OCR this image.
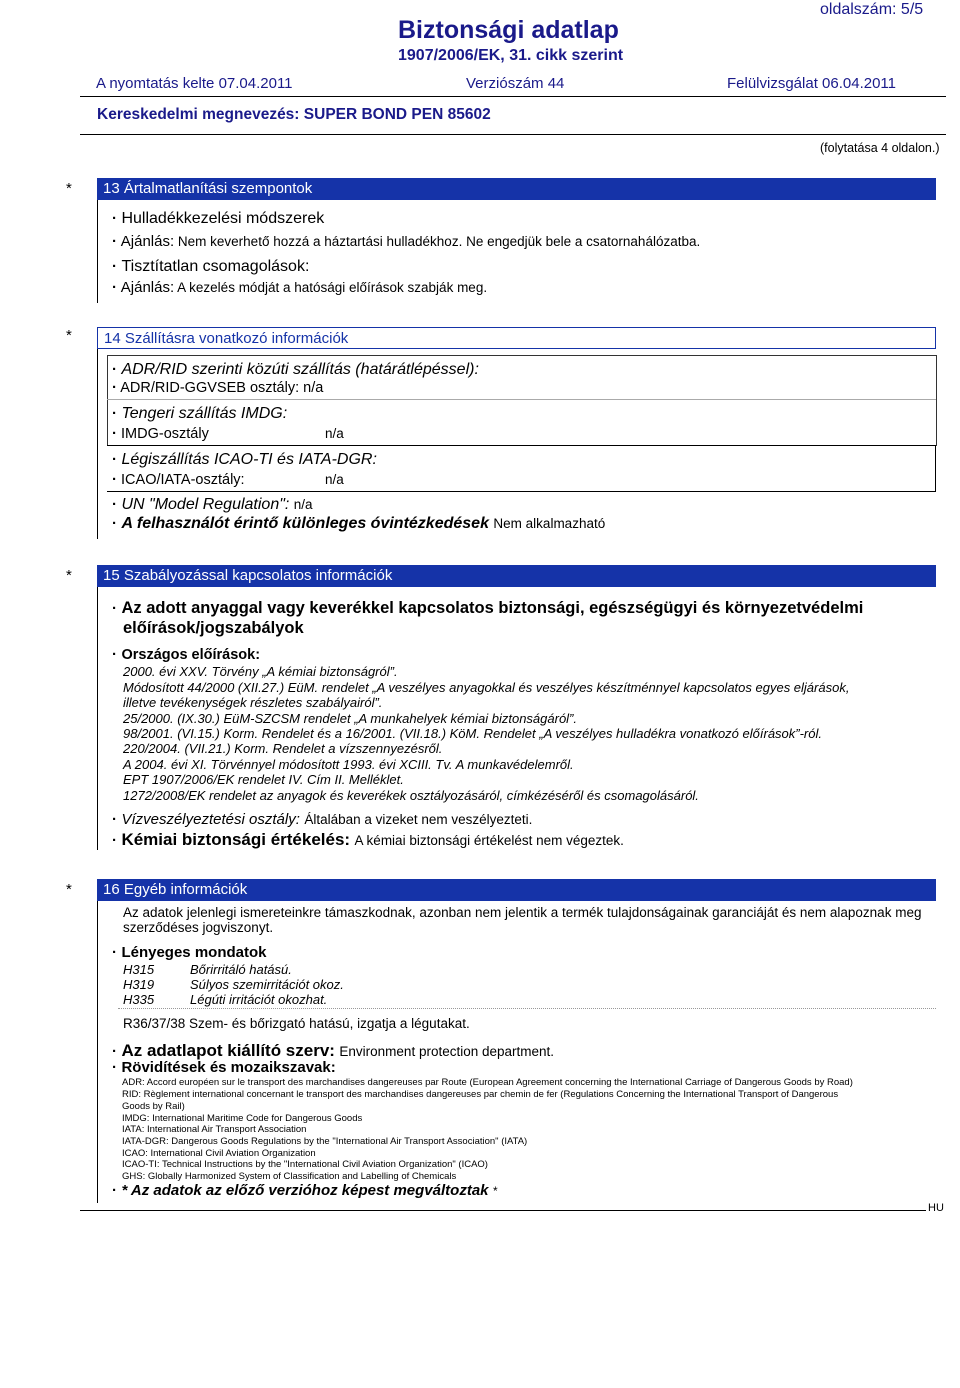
Biztonsági adatlap
1907/2006/EK, 31. cikk szerint
oldalszám: 5/5
A nyomtatás kelte 07.04.2011	Verziószám 44	Felülvizsgálat 06.04.2011
Kereskedelmi megnevezés: SUPER BOND PEN 85602
(folytatása 4 oldalon.)
*	13 Ártalmatlanítási szempontok
· Hulladékkezelési módszerek
· Ajánlás: Nem keverhető hozzá a háztartási hulladékhoz. Ne engedjük bele a csatornahálózatba.
· Tisztítatlan csomagolások:
· Ajánlás: A kezelés módját a hatósági előírások szabják meg.
*	14 Szállításra vonatkozó információk
· ADR/RID szerinti közúti szállítás (határátlépéssel):
· ADR/RID-GGVSEB osztály: n/a
· Tengeri szállítás IMDG:
· IMDG-osztály	n/a
· Légiszállítás ICAO-TI és IATA-DGR:
· ICAO/IATA-osztály:	n/a
· UN "Model Regulation": n/a
· A felhasználót érintő különleges óvintézkedések Nem alkalmazható
*	15 Szabályozással kapcsolatos információk
· Az adott anyaggal vagy keverékkel kapcsolatos biztonsági, egészségügyi és környezetvédelmi
előírások/jogszabályok
· Országos előírások:
2000. évi XXV. Törvény „A kémiai biztonságról”.
Módosított 44/2000 (XII.27.) EüM. rendelet „A veszélyes anyagokkal és veszélyes készítménnyel kapcsolatos egyes eljárások,
illetve tevékenységek részletes szabályairól”.
25/2000. (IX.30.) EüM-SZCSM rendelet „A munkahelyek kémiai biztonságáról”.
98/2001. (VI.15.) Korm. Rendelet és a 16/2001. (VII.18.) KöM. Rendelet „A veszélyes hulladékra vonatkozó előírások”-ról.
220/2004. (VII.21.) Korm. Rendelet a vízszennyezésről.
A 2004. évi XI. Törvénnyel módosított 1993. évi XCIII. Tv. A munkavédelemről.
EPT 1907/2006/EK rendelet IV. Cím II. Melléklet.
1272/2008/EK rendelet az anyagok és keverékek osztályozásáról, címkézéséről és csomagolásáról.
· Vízveszélyeztetési osztály: Általában a vizeket nem veszélyezteti.
· Kémiai biztonsági értékelés: A kémiai biztonsági értékelést nem végeztek.
*	16 Egyéb információk
Az adatok jelenlegi ismereteinkre támaszkodnak, azonban nem jelentik a termék tulajdonságainak garanciáját és nem alapoznak meg
szerződéses jogviszonyt.
· Lényeges mondatok
H315	Bőrirritáló hatású.
H319	Súlyos szemirritációt okoz.
H335	Légúti irritációt okozhat.
R36/37/38 Szem- és bőrizgató hatású, izgatja a légutakat.
· Az adatlapot kiállító szerv: Environment protection department.
· Rövidítések és mozaikszavak:
ADR: Accord européen sur le transport des marchandises dangereuses par Route (European Agreement concerning the International Carriage of Dangerous Goods by Road)
RID: Règlement international concernant le transport des marchandises dangereuses par chemin de fer (Regulations Concerning the International Transport of Dangerous
Goods by Rail)
IMDG: International Maritime Code for Dangerous Goods
IATA: International Air Transport Association
IATA-DGR: Dangerous Goods Regulations by the "International Air Transport Association" (IATA)
ICAO: International Civil Aviation Organization
ICAO-TI: Technical Instructions by the "International Civil Aviation Organization" (ICAO)
GHS: Globally Harmonized System of Classification and Labelling of Chemicals
· * Az adatok az előző verzióhoz képest megváltoztak *
HU
